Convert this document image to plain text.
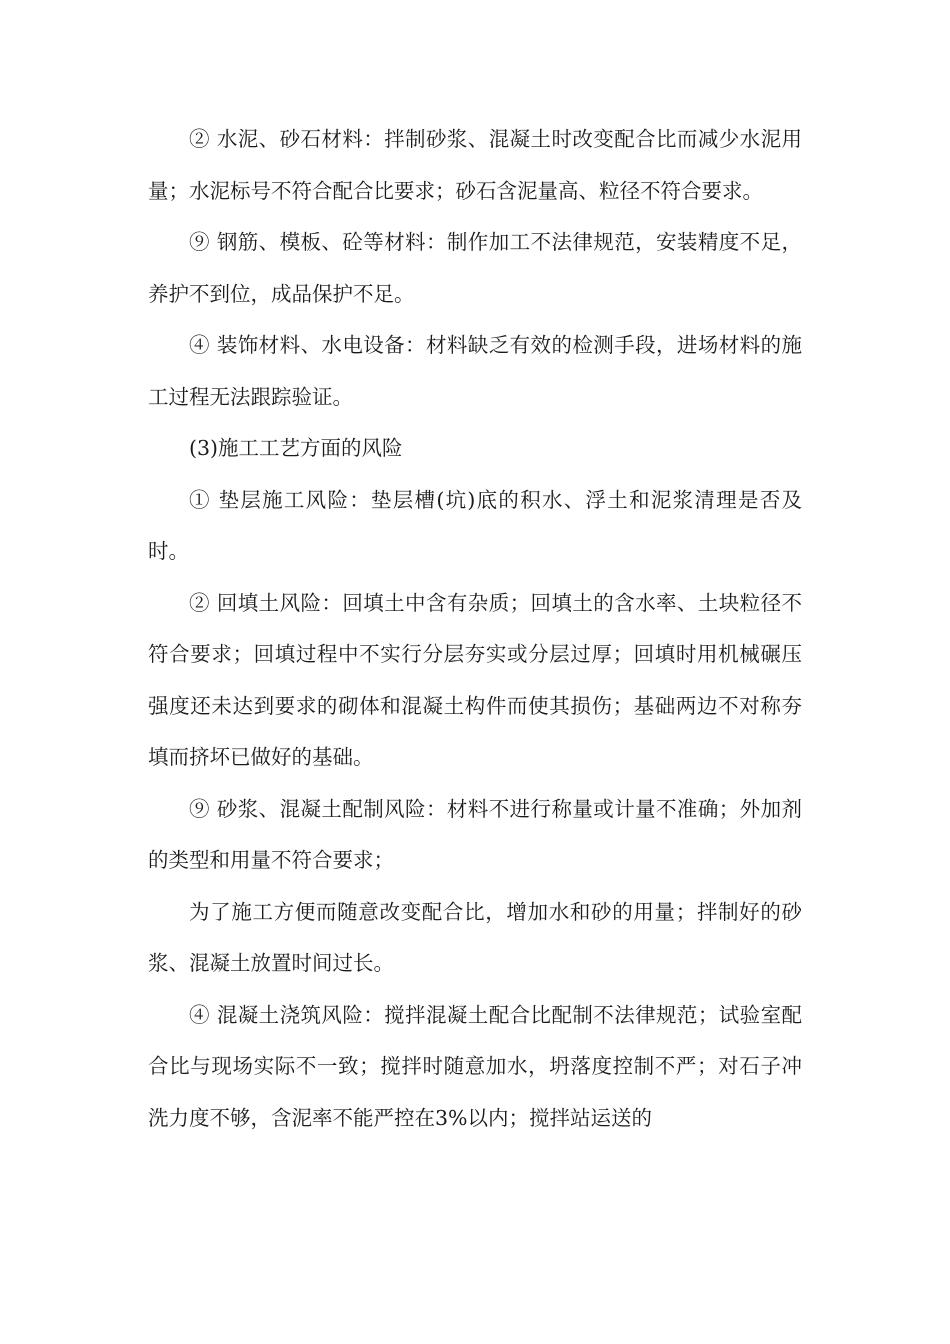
② 水泥、砂石材料：拌制砂浆、混凝土时改变配合比而减少水泥用量；水泥标号不符合配合比要求；砂石含泥量高、粒径不符合要求。

⑨ 钢筋、模板、砼等材料：制作加工不法律规范，安装精度不足，养护不到位，成品保护不足。

④ 装饰材料、水电设备：材料缺乏有效的检测手段，进场材料的施工过程无法跟踪验证。

(3)施工工艺方面的风险

① 垫层施工风险：垫层槽(坑)底的积水、浮土和泥浆清理是否及时。

② 回填土风险：回填土中含有杂质；回填土的含水率、土块粒径不符合要求；回填过程中不实行分层夯实或分层过厚；回填时用机械碾压强度还未达到要求的砌体和混凝土构件而使其损伤；基础两边不对称夯填而挤坏已做好的基础。

⑨ 砂浆、混凝土配制风险：材料不进行称量或计量不准确；外加剂的类型和用量不符合要求；

为了施工方便而随意改变配合比，增加水和砂的用量；拌制好的砂浆、混凝土放置时间过长。

④ 混凝土浇筑风险：搅拌混凝土配合比配制不法律规范；试验室配合比与现场实际不一致；搅拌时随意加水，坍落度控制不严；对石子冲洗力度不够，含泥率不能严控在3%以内；搅拌站运送的
